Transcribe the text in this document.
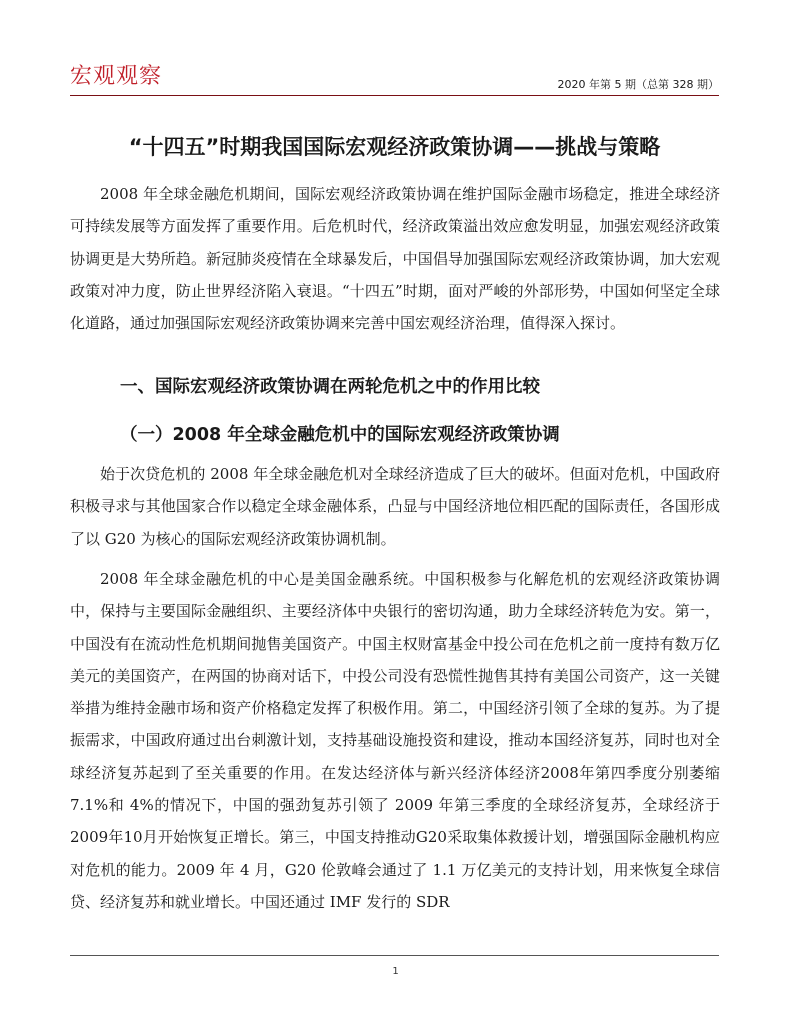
宏观观察	2020 年第 5 期（总第 328 期）
“十四五”时期我国国际宏观经济政策协调——挑战与策略

2008 年全球金融危机期间，国际宏观经济政策协调在维护国际金融市场稳定，推进全球经济可持续发展等方面发挥了重要作用。后危机时代，经济政策溢出效应愈发明显，加强宏观经济政策协调更是大势所趋。新冠肺炎疫情在全球暴发后，中国倡导加强国际宏观经济政策协调，加大宏观政策对冲力度，防止世界经济陷入衰退。“十四五”时期，面对严峻的外部形势，中国如何坚定全球化道路，通过加强国际宏观经济政策协调来完善中国宏观经济治理，值得深入探讨。

一、国际宏观经济政策协调在两轮危机之中的作用比较
（一）2008 年全球金融危机中的国际宏观经济政策协调

始于次贷危机的 2008 年全球金融危机对全球经济造成了巨大的破坏。但面对危机，中国政府积极寻求与其他国家合作以稳定全球金融体系，凸显与中国经济地位相匹配的国际责任，各国形成了以 G20 为核心的国际宏观经济政策协调机制。

2008 年全球金融危机的中心是美国金融系统。中国积极参与化解危机的宏观经济政策协调中，保持与主要国际金融组织、主要经济体中央银行的密切沟通，助力全球经济转危为安。第一，中国没有在流动性危机期间抛售美国资产。中国主权财富基金中投公司在危机之前一度持有数万亿美元的美国资产，在两国的协商对话下，中投公司没有恐慌性抛售其持有美国公司资产，这一关键举措为维持金融市场和资产价格稳定发挥了积极作用。第二，中国经济引领了全球的复苏。为了提振需求，中国政府通过出台刺激计划，支持基础设施投资和建设，推动本国经济复苏，同时也对全球经济复苏起到了至关重要的作用。在发达经济体与新兴经济体经济2008年第四季度分别萎缩 7.1%和 4%的情况下，中国的强劲复苏引领了 2009 年第三季度的全球经济复苏，全球经济于2009年10月开始恢复正增长。第三，中国支持推动G20采取集体救援计划，增强国际金融机构应对危机的能力。2009 年 4 月，G20 伦敦峰会通过了 1.1 万亿美元的支持计划，用来恢复全球信贷、经济复苏和就业增长。中国还通过 IMF 发行的 SDR

1
